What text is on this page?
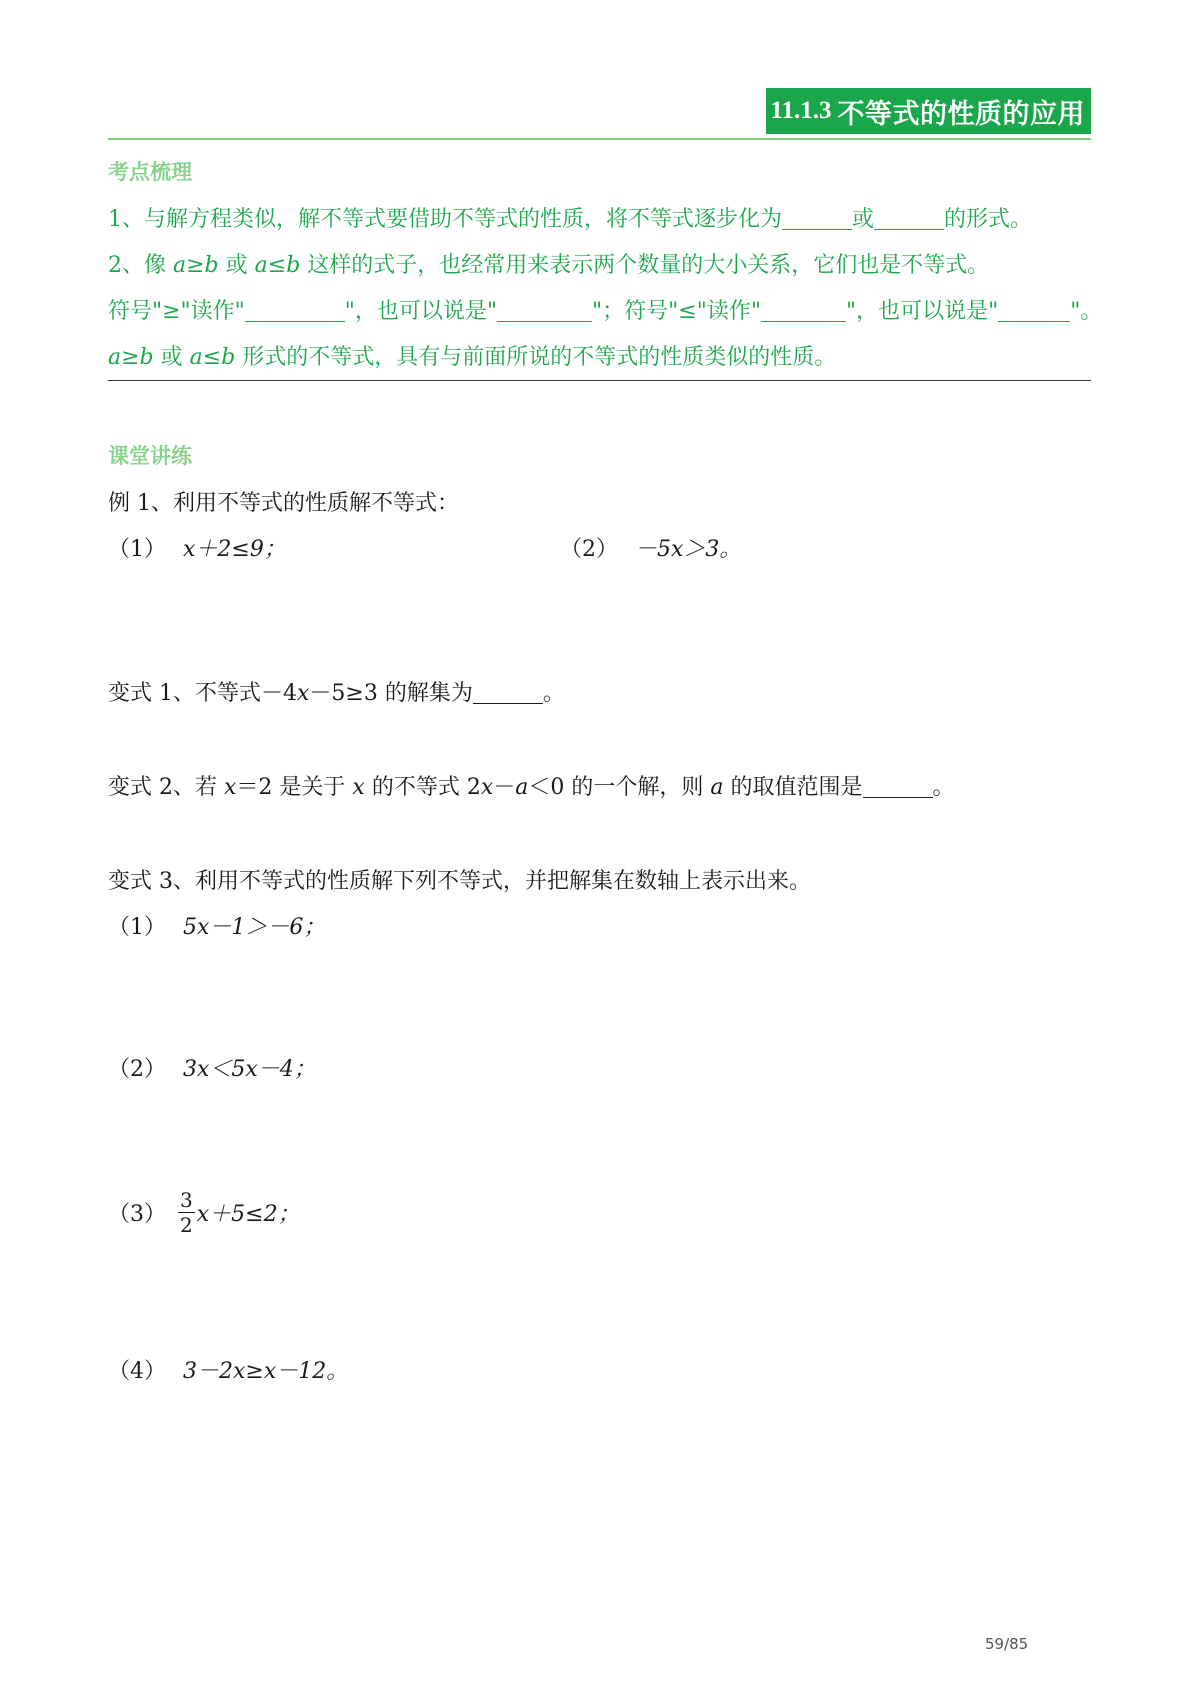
11.1.3 不等式的性质的应用
考点梳理
1、与解方程类似，解不等式要借助不等式的性质，将不等式逐步化为	或	的形式。
2、像 a≥b 或 a≤b 这样的式子，也经常用来表示两个数量的大小关系，它们也是不等式。
符号"≥"读作"	"，也可以说是"	"；符号"≤"读作"	"，也可以说是"	"。
a≥b 或 a≤b 形式的不等式，具有与前面所说的不等式的性质类似的性质。
课堂讲练
例 1、利用不等式的性质解不等式：
（1） x＋2≤9；	（2） －5x＞3。
变式 1、不等式－4x－5≥3 的解集为	。
变式 2、若 x＝2 是关于 x 的不等式 2x－a＜0 的一个解，则 a 的取值范围是	。
变式 3、利用不等式的性质解下列不等式，并把解集在数轴上表示出来。
（1） 5x－1＞－6；
（2） 3x＜5x－4；
$(3) \frac{3}{2} x+5\le 2$；
（4） 3－2x≥x－12。
59/85
